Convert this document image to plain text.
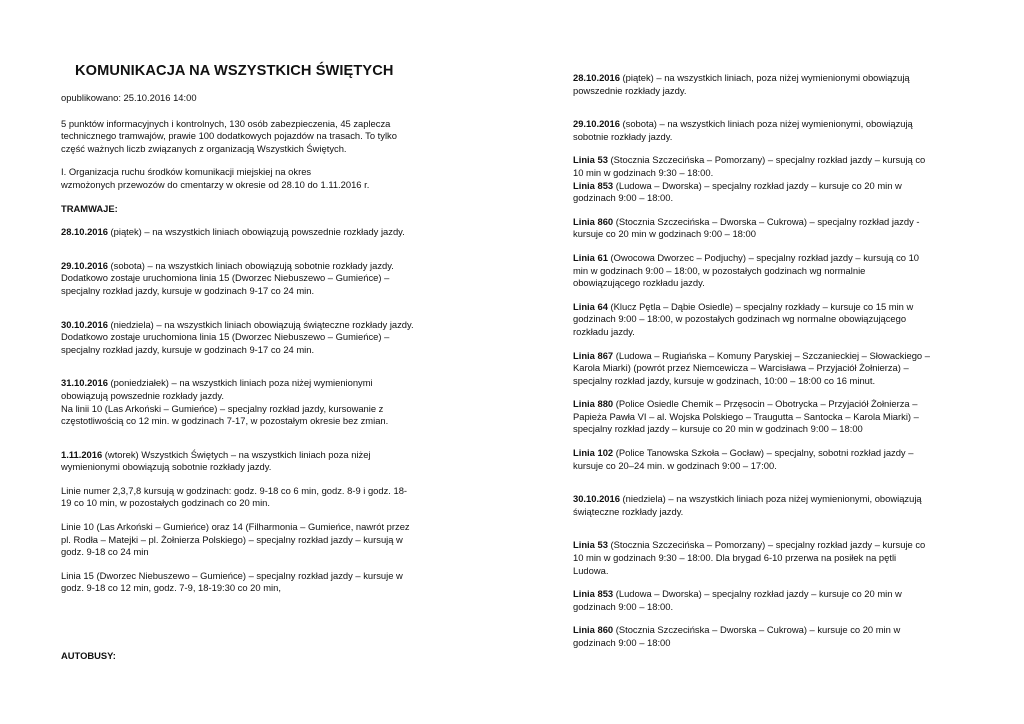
KOMUNIKACJA NA WSZYSTKICH ŚWIĘTYCH
opublikowano: 25.10.2016 14:00

5 punktów informacyjnych i kontrolnych, 130 osób zabezpieczenia, 45 zaplecza
technicznego tramwajów, prawie 100 dodatkowych pojazdów na trasach. To tylko
część ważnych liczb związanych z organizacją Wszystkich Świętych.

I. Organizacja ruchu środków komunikacji miejskiej na okres
wzmożonych przewozów do cmentarzy w okresie od 28.10 do 1.11.2016 r.

TRAMWAJE:

28.10.2016 (piątek) – na wszystkich liniach obowiązują powszednie rozkłady jazdy.

29.10.2016 (sobota) – na wszystkich liniach obowiązują sobotnie rozkłady jazdy.
Dodatkowo zostaje uruchomiona linia 15 (Dworzec Niebuszewo – Gumieńce) –
specjalny rozkład jazdy, kursuje w godzinach 9-17 co 24 min.

30.10.2016 (niedziela) – na wszystkich liniach obowiązują świąteczne rozkłady jazdy.
Dodatkowo zostaje uruchomiona linia 15 (Dworzec Niebuszewo – Gumieńce) –
specjalny rozkład jazdy, kursuje w godzinach 9-17 co 24 min.

31.10.2016 (poniedziałek) – na wszystkich liniach poza niżej wymienionymi
obowiązują powszednie rozkłady jazdy.
Na linii 10 (Las Arkoński – Gumieńce) – specjalny rozkład jazdy, kursowanie z
częstotliwością co 12 min. w godzinach 7-17, w pozostałym okresie bez zmian.

1.11.2016 (wtorek) Wszystkich Świętych – na wszystkich liniach poza niżej
wymienionymi obowiązują sobotnie rozkłady jazdy.

Linie numer 2,3,7,8 kursują w godzinach: godz. 9-18 co 6 min, godz. 8-9 i godz. 18-
19 co 10 min, w pozostałych godzinach co 20 min.

Linie 10 (Las Arkoński – Gumieńce) oraz 14 (Filharmonia – Gumieńce, nawrót przez
pl. Rodła – Matejki – pl. Żołnierza Polskiego) – specjalny rozkład jazdy – kursują w
godz. 9-18 co 24 min

Linia 15 (Dworzec Niebuszewo – Gumieńce) – specjalny rozkład jazdy – kursuje w
godz. 9-18 co 12 min, godz. 7-9, 18-19:30 co 20 min,

AUTOBUSY:

28.10.2016 (piątek) – na wszystkich liniach, poza niżej wymienionymi obowiązują
powszednie rozkłady jazdy.

29.10.2016 (sobota) – na wszystkich liniach poza niżej wymienionymi, obowiązują
sobotnie rozkłady jazdy.

Linia 53 (Stocznia Szczecińska – Pomorzany) – specjalny rozkład jazdy – kursują co
10 min w godzinach 9:30 – 18:00.

Linia 853 (Ludowa – Dworska) – specjalny rozkład jazdy – kursuje co 20 min w
godzinach 9:00 – 18:00.

Linia 860 (Stocznia Szczecińska – Dworska – Cukrowa) – specjalny rozkład jazdy -
kursuje co 20 min w godzinach 9:00 – 18:00

Linia 61 (Owocowa Dworzec – Podjuchy) – specjalny rozkład jazdy – kursują co 10
min w godzinach 9:00 – 18:00, w pozostałych godzinach wg normalnie
obowiązującego rozkładu jazdy.

Linia 64 (Klucz Pętla – Dąbie Osiedle) – specjalny rozkłady – kursuje co 15 min w
godzinach 9:00 – 18:00, w pozostałych godzinach wg normalne obowiązującego
rozkładu jazdy.

Linia 867 (Ludowa – Rugiańska – Komuny Paryskiej – Szczanieckiej – Słowackiego –
Karola Miarki) (powrót przez Niemcewicza – Warcisława – Przyjaciół Żołnierza) –
specjalny rozkład jazdy, kursuje w godzinach, 10:00 – 18:00 co 16 minut.

Linia 880 (Police Osiedle Chemik – Przęsocin – Obotrycka – Przyjaciół Żołnierza –
Papieża Pawła VI – al. Wojska Polskiego – Traugutta – Santocka – Karola Miarki) –
specjalny rozkład jazdy – kursuje co 20 min w godzinach 9:00 – 18:00

Linia 102 (Police Tanowska Szkoła – Gocław) – specjalny, sobotni rozkład jazdy –
kursuje co 20–24 min. w godzinach 9:00 – 17:00.

30.10.2016 (niedziela) – na wszystkich liniach poza niżej wymienionymi, obowiązują
świąteczne rozkłady jazdy.

Linia 53 (Stocznia Szczecińska – Pomorzany) – specjalny rozkład jazdy – kursuje co
10 min w godzinach 9:30 – 18:00. Dla brygad 6-10 przerwa na posiłek na pętli
Ludowa.

Linia 853 (Ludowa – Dworska) – specjalny rozkład jazdy – kursuje co 20 min w
godzinach 9:00 – 18:00.

Linia 860 (Stocznia Szczecińska – Dworska – Cukrowa) – kursuje co 20 min w
godzinach 9:00 – 18:00
